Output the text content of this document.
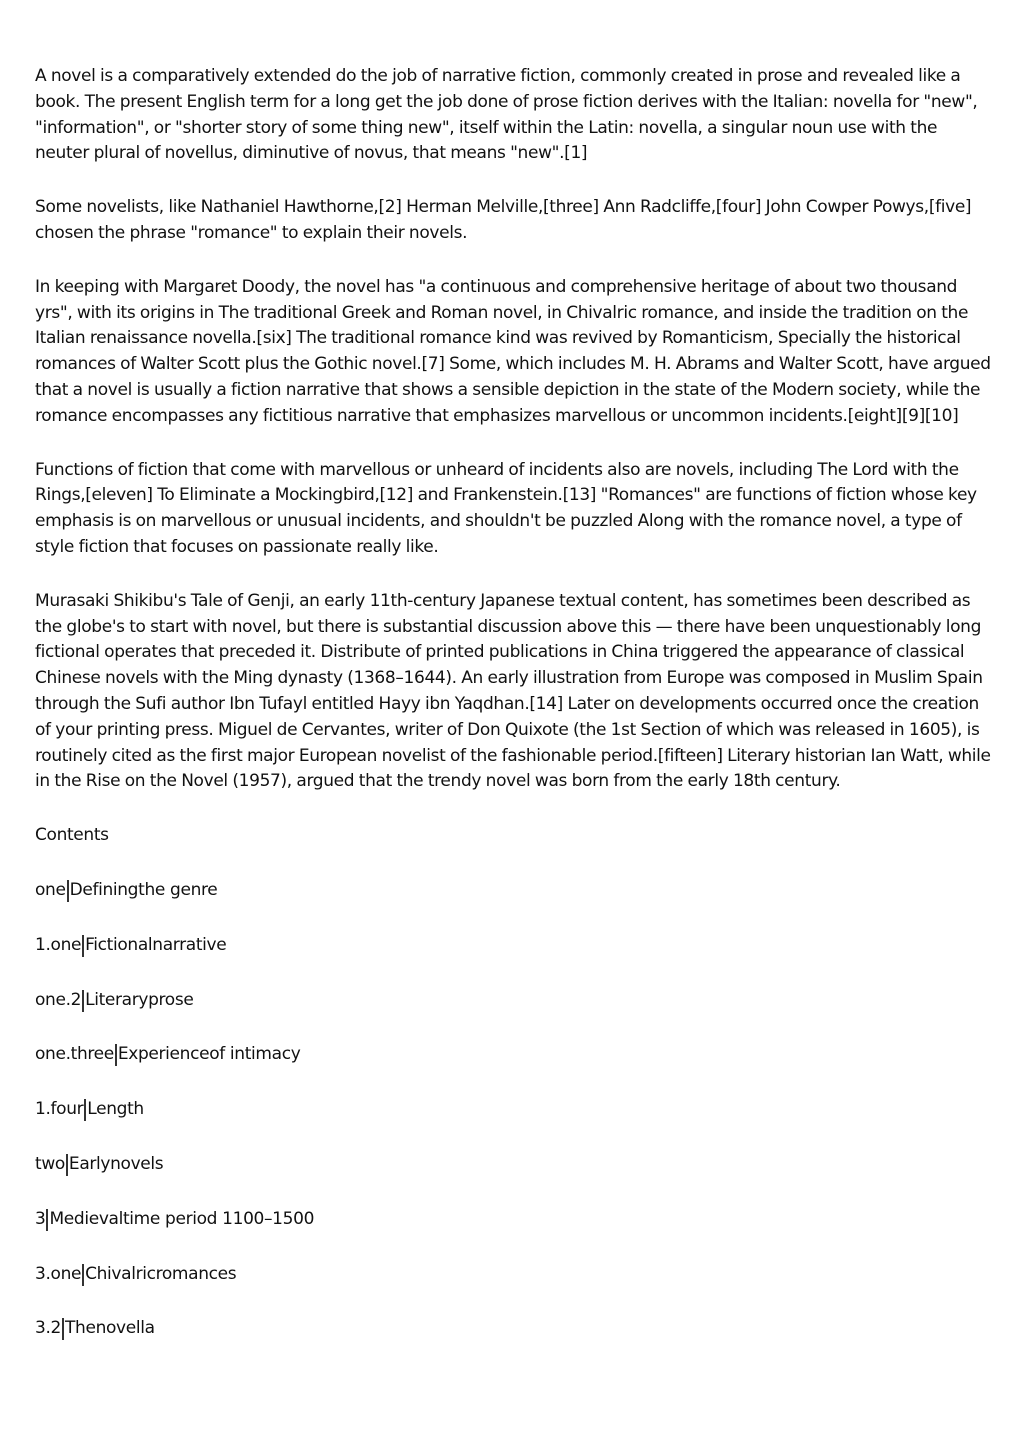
A novel is a comparatively extended do the job of narrative fiction, commonly created in prose and revealed like a book. The present English term for a long get the job done of prose fiction derives with the Italian: novella for "new", "information", or "shorter story of some thing new", itself within the Latin: novella, a singular noun use with the neuter plural of novellus, diminutive of novus, that means "new".[1]

Some novelists, like Nathaniel Hawthorne,[2] Herman Melville,[three] Ann Radcliffe,[four] John Cowper Powys,[five] chosen the phrase "romance" to explain their novels.

In keeping with Margaret Doody, the novel has "a continuous and comprehensive heritage of about two thousand yrs", with its origins in The traditional Greek and Roman novel, in Chivalric romance, and inside the tradition on the Italian renaissance novella.[six] The traditional romance kind was revived by Romanticism, Specially the historical romances of Walter Scott plus the Gothic novel.[7] Some, which includes M. H. Abrams and Walter Scott, have argued that a novel is usually a fiction narrative that shows a sensible depiction in the state of the Modern society, while the romance encompasses any fictitious narrative that emphasizes marvellous or uncommon incidents.[eight][9][10]

Functions of fiction that come with marvellous or unheard of incidents also are novels, including The Lord with the Rings,[eleven] To Eliminate a Mockingbird,[12] and Frankenstein.[13] "Romances" are functions of fiction whose key emphasis is on marvellous or unusual incidents, and shouldn't be puzzled Along with the romance novel, a type of style fiction that focuses on passionate really like.

Murasaki Shikibu's Tale of Genji, an early 11th-century Japanese textual content, has sometimes been described as the globe's to start with novel, but there is substantial discussion above this — there have been unquestionably long fictional operates that preceded it. Distribute of printed publications in China triggered the appearance of classical Chinese novels with the Ming dynasty (1368–1644). An early illustration from Europe was composed in Muslim Spain through the Sufi author Ibn Tufayl entitled Hayy ibn Yaqdhan.[14] Later on developments occurred once the creation of your printing press. Miguel de Cervantes, writer of Don Quixote (the 1st Section of which was released in 1605), is routinely cited as the first major European novelist of the fashionable period.[fifteen] Literary historian Ian Watt, while in the Rise on the Novel (1957), argued that the trendy novel was born from the early 18th century.

Contents
one Definingthe genre
1.one Fictionalnarrative
one.2 Literaryprose
one.three Experienceof intimacy
1.four Length
two Earlynovels
3 Medievaltime period 1100–1500
3.one Chivalricromances
3.2 Thenovella
